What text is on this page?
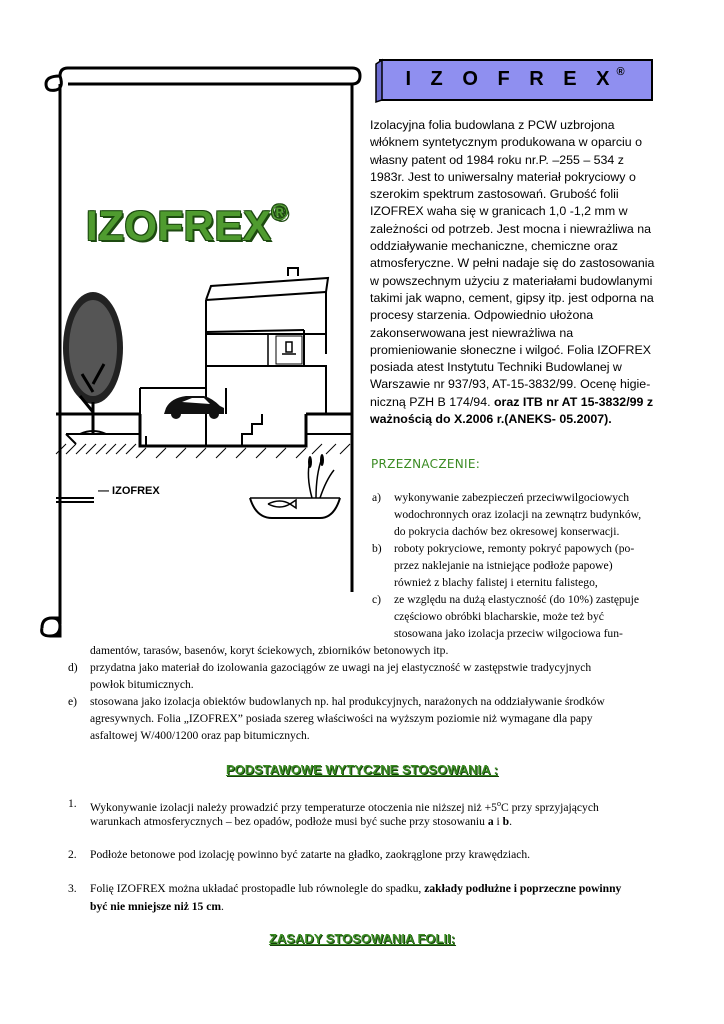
IZOFREX®
— IZOFREX
I Z O F R E X®
Izolacyjna folia budowlana z PCW uzbrojona
włóknem syntetycznym produkowana w oparciu o
własny patent od 1984 roku nr.P. –255 – 534 z
1983r. Jest to uniwersalny materiał pokryciowy o
szerokim spektrum zastosowań. Grubość folii
IZOFREX waha się w granicach 1,0 -1,2 mm w
zależności od potrzeb. Jest mocna i niewrażliwa na
oddziaływanie mechaniczne, chemiczne oraz
atmosferyczne. W pełni nadaje się do zastosowania
w powszechnym użyciu z materiałami budowlanymi
takimi jak wapno, cement, gipsy itp. jest odporna na
procesy starzenia. Odpowiednio ułożona
zakonserwowana jest niewrażliwa na
promieniowanie słoneczne i wilgoć. Folia IZOFREX
posiada atest Instytutu Techniki Budowlanej w
Warszawie nr 937/93, AT-15-3832/99. Ocenę higie-
niczną PZH B 174/94. oraz ITB nr AT 15-3832/99 z
ważnością do X.2006 r.(ANEKS- 05.2007).
PRZEZNACZENIE:
a) wykonywanie zabezpieczeń przeciwwilgociowych
wodochronnych oraz izolacji na zewnątrz budynków,
do pokrycia dachów bez okresowej konserwacji.
b) roboty pokryciowe, remonty pokryć papowych (po-
przez naklejanie na istniejące podłoże papowe)
również z blachy falistej i eternitu falistego,
c) ze względu na dużą elastyczność (do 10%) zastępuje
częściowo obróbki blacharskie, może też być
stosowana jako izolacja przeciw wilgociowa fun-
damentów, tarasów, basenów, koryt ściekowych, zbiorników betonowych itp.
d) przydatna jako materiał do izolowania gazociągów ze uwagi na jej elastyczność w zastępstwie tradycyjnych
powłok bitumicznych.
e) stosowana jako izolacja obiektów budowlanych np. hal produkcyjnych, narażonych na oddziaływanie środków
agresywnych. Folia „IZOFREX” posiada szereg właściwości na wyższym poziomie niż wymagane dla papy
asfaltowej W/400/1200 oraz pap bitumicznych.
PODSTAWOWE WYTYCZNE STOSOWANIA :
1. Wykonywanie izolacji należy prowadzić przy temperaturze otoczenia nie niższej niż $+5^oC$ przy sprzyjających
warunkach atmosferycznych – bez opadów, podłoże musi być suche przy stosowaniu a i b.
2. Podłoże betonowe pod izolację powinno być zatarte na gładko, zaokrąglone przy krawędziach.
3. Folię IZOFREX można układać prostopadle lub równolegle do spadku, zakłady podłużne i poprzeczne powinny
być nie mniejsze niż 15 cm.
ZASADY STOSOWANIA FOLII:
